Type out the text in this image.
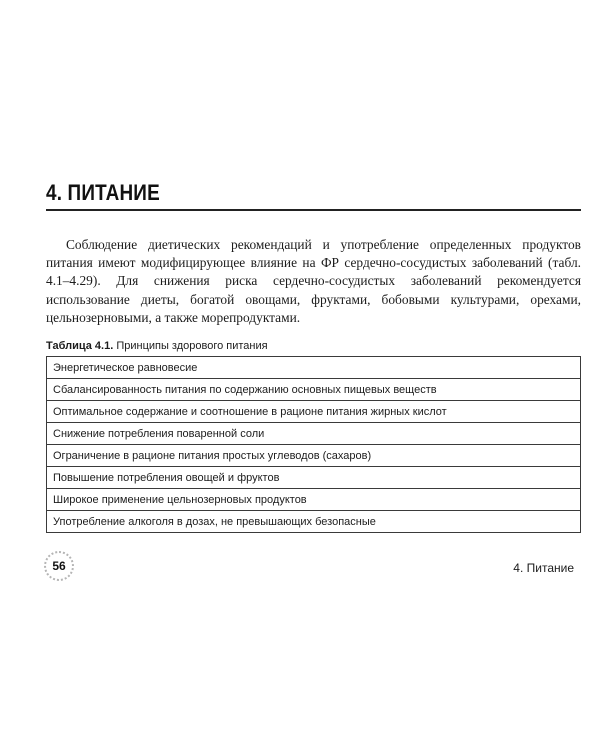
4. ПИТАНИЕ

Соблюдение диетических рекомендаций и употребление определенных продуктов питания имеют модифицирующее влияние на ФР сердечно-сосудистых заболеваний (табл. 4.1–4.29). Для снижения риска сердечно-сосудистых заболеваний рекомендуется использование диеты, богатой овощами, фруктами, бобовыми культурами, орехами, цельнозерновыми, а также морепродуктами.

Таблица 4.1. Принципы здорового питания
Энергетическое равновесие
Сбалансированность питания по содержанию основных пищевых веществ
Оптимальное содержание и соотношение в рационе питания жирных кислот
Снижение потребления поваренной соли
Ограничение в рационе питания простых углеводов (сахаров)
Повышение потребления овощей и фруктов
Широкое применение цельнозерновых продуктов
Употребление алкоголя в дозах, не превышающих безопасные
56	4. Питание
